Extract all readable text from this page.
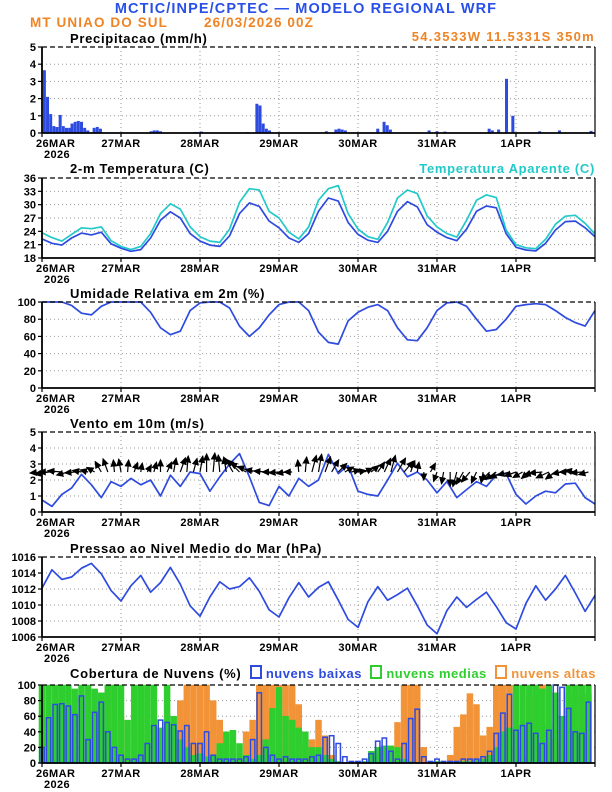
0
1
2
3
4
5
26MAR 27MAR	28MAR	29MAR	30MAR	31MAR	1APR
2026
18
21
24
27
30
33
36
26MAR 27MAR	28MAR	29MAR	30MAR	31MAR	1APR
2026
0
20
40
60
80
100
26MAR 27MAR	28MAR	29MAR	30MAR	31MAR	1APR
2026
0
1
2
3
4
5
26MAR 27MAR	28MAR	29MAR	30MAR	31MAR	1APR
2026
1006
1008
1010
1012
1014
1016
26MAR 27MAR	28MAR	29MAR	30MAR	31MAR	1APR
2026
0
20
40
60
80
100
26MAR 27MAR	28MAR	29MAR	30MAR	31MAR	1APR
2026
MCTIC/INPE/CPTEC — MODELO REGIONAL WRF
MT UNIAO DO SUL	26/03/2026 00Z
54.3533W 11.5331S 350m
Precipitacao (mm/h)
2-m Temperatura (C)	Temperatura Aparente (C)
Umidade Relativa em 2m (%)
Vento em 10m (m/s)
Pressao ao Nivel Medio do Mar (hPa)
Cobertura de Nuvens (%)	nuvens baixas	nuvens medias	nuvens altas
